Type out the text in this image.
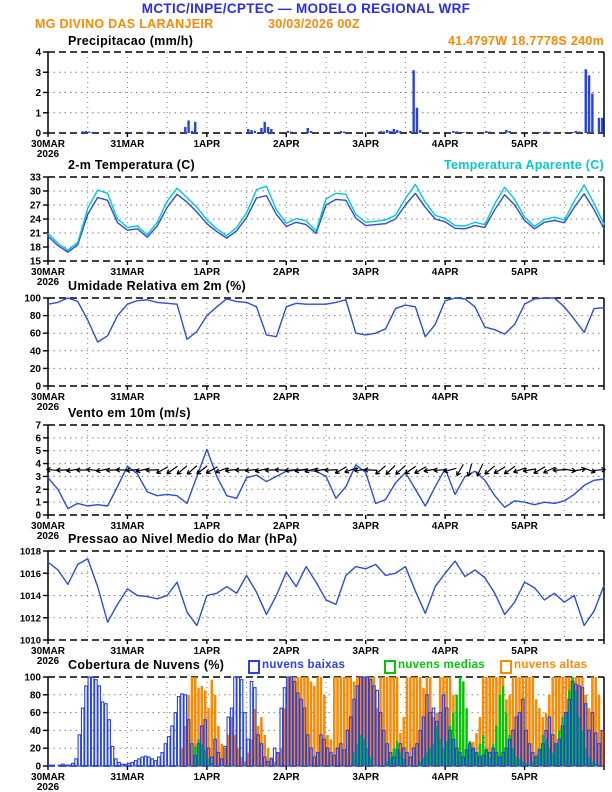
MCTIC/INPE/CPTEC — MODELO REGIONAL WRF
MG DIVINO DAS LARANJEIR	30/03/2026 00Z
41.4797W 18.7778S 240m
Precipitacao (mm/h)
2-m Temperatura (C)	Temperatura Aparente (C)
Umidade Relativa em 2m (%)
Vento em 10m (m/s)
Pressao ao Nivel Medio do Mar (hPa)
Cobertura de Nuvens (%)	nuvens baixas	nuvens medias	nuvens altas
0
1
2
3
4
30MAR
2026
31MAR	1APR	2APR	3APR	4APR	5APR
15
18
21
24
27
30
33
30MAR
2026
31MAR	1APR	2APR	3APR	4APR	5APR
0
20
40
60
80
100
30MAR
2026
31MAR	1APR	2APR	3APR	4APR	5APR
0
1
2
3
4
5
6
7
30MAR
2026
31MAR	1APR	2APR	3APR	4APR	5APR
1010
1012
1014
1016
1018
30MAR
2026
31MAR	1APR	2APR	3APR	4APR	5APR
0
20
40
60
80
100
30MAR
2026
31MAR	1APR	2APR	3APR	4APR	5APR
